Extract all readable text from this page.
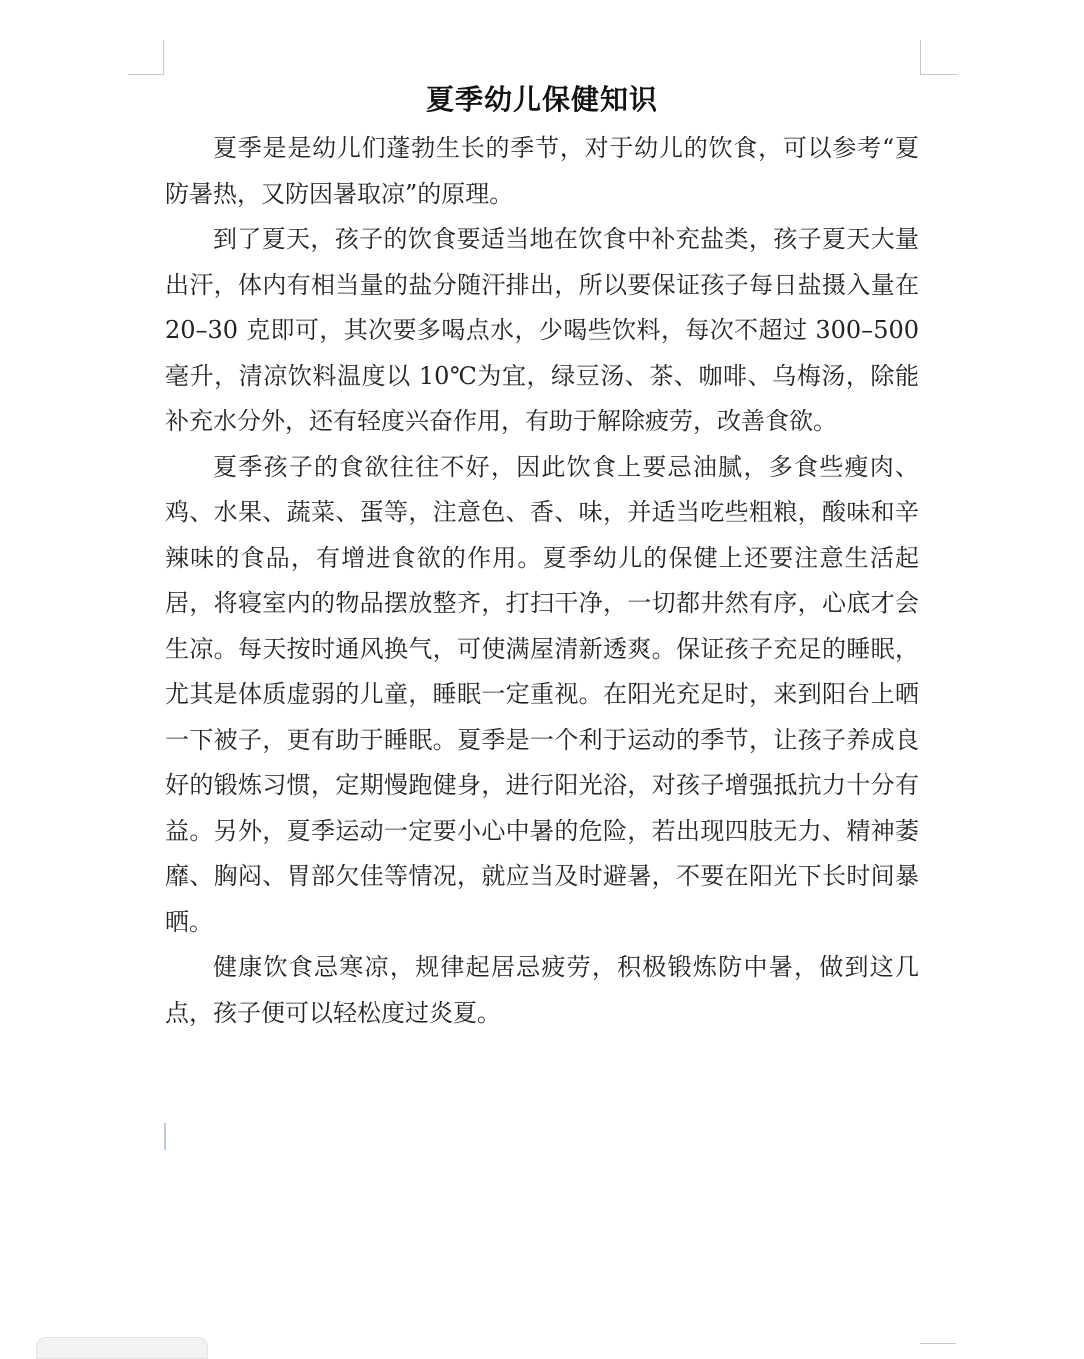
夏季幼儿保健知识

夏季是是幼儿们蓬勃生长的季节，对于幼儿的饮食，可以参考“夏防暑热，又防因暑取凉”的原理。

到了夏天，孩子的饮食要适当地在饮食中补充盐类，孩子夏天大量出汗，体内有相当量的盐分随汗排出，所以要保证孩子每日盐摄入量在 20–30 克即可，其次要多喝点水，少喝些饮料，每次不超过 300–500 毫升，清凉饮料温度以 10℃为宜，绿豆汤、茶、咖啡、乌梅汤，除能补充水分外，还有轻度兴奋作用，有助于解除疲劳，改善食欲。

夏季孩子的食欲往往不好，因此饮食上要忌油腻，多食些瘦肉、鸡、水果、蔬菜、蛋等，注意色、香、味，并适当吃些粗粮，酸味和辛辣味的食品，有增进食欲的作用。夏季幼儿的保健上还要注意生活起居，将寝室内的物品摆放整齐，打扫干净，一切都井然有序，心底才会生凉。每天按时通风换气，可使满屋清新透爽。保证孩子充足的睡眠，尤其是体质虚弱的儿童，睡眠一定重视。在阳光充足时，来到阳台上晒一下被子，更有助于睡眠。夏季是一个利于运动的季节，让孩子养成良好的锻炼习惯，定期慢跑健身，进行阳光浴，对孩子增强抵抗力十分有益。另外，夏季运动一定要小心中暑的危险，若出现四肢无力、精神萎靡、胸闷、胃部欠佳等情况，就应当及时避暑，不要在阳光下长时间暴晒。

健康饮食忌寒凉，规律起居忌疲劳，积极锻炼防中暑，做到这几点，孩子便可以轻松度过炎夏。
